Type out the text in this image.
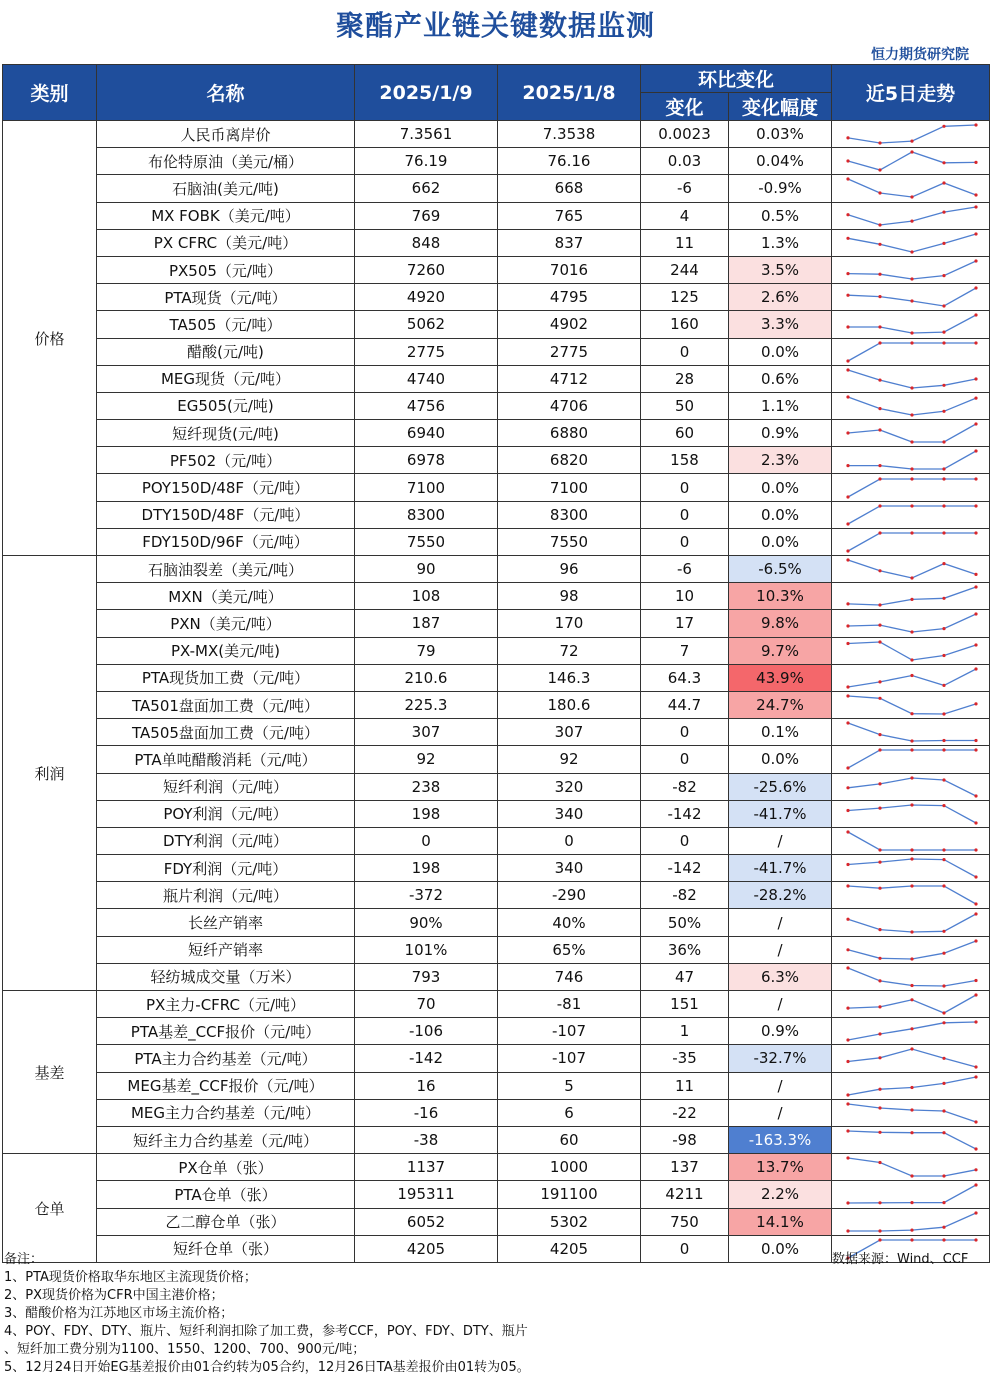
聚酯产业链关键数据监测
恒力期货研究院
类别	名称	2025/1/9	2025/1/8	环比变化		近5日走势
				变化	变化幅度	
价格	人民币离岸价	7.3561	7.3538	0.0023	0.03%	

	布伦特原油（美元/桶）	76.19	76.16	0.03	0.04%	

	石脑油(美元/吨)	662	668	-6	-0.9%	

	MX FOBK（美元/吨）	769	765	4	0.5%	

	PX CFRC（美元/吨）	848	837	11	1.3%	

	PX505（元/吨）	7260	7016	244	3.5%	

	PTA现货（元/吨）	4920	4795	125	2.6%	

	TA505（元/吨）	5062	4902	160	3.3%	

	醋酸(元/吨)	2775	2775	0	0.0%	

	MEG现货（元/吨）	4740	4712	28	0.6%	

	EG505(元/吨)	4756	4706	50	1.1%	

	短纤现货(元/吨)	6940	6880	60	0.9%	

	PF502（元/吨）	6978	6820	158	2.3%	

	POY150D/48F（元/吨）	7100	7100	0	0.0%	

	DTY150D/48F（元/吨）	8300	8300	0	0.0%	

	FDY150D/96F（元/吨）	7550	7550	0	0.0%	

利润	石脑油裂差（美元/吨）	90	96	-6	-6.5%	

	MXN（美元/吨）	108	98	10	10.3%	

	PXN（美元/吨）	187	170	17	9.8%	

	PX-MX(美元/吨)	79	72	7	9.7%	

	PTA现货加工费（元/吨）	210.6	146.3	64.3	43.9%	

	TA501盘面加工费（元/吨）	225.3	180.6	44.7	24.7%	

	TA505盘面加工费（元/吨）	307	307	0	0.1%	

	PTA单吨醋酸消耗（元/吨）	92	92	0	0.0%	

	短纤利润（元/吨）	238	320	-82	-25.6%	

	POY利润（元/吨）	198	340	-142	-41.7%	

	DTY利润（元/吨）	0	0	0	/	

	FDY利润（元/吨）	198	340	-142	-41.7%	

	瓶片利润（元/吨）	-372	-290	-82	-28.2%	

	长丝产销率	90%	40%	50%	/	

	短纤产销率	101%	65%	36%	/	

	轻纺城成交量（万米）	793	746	47	6.3%	

基差	PX主力-CFRC（元/吨）	70	-81	151	/	

	PTA基差_CCF报价（元/吨）	-106	-107	1	0.9%	

	PTA主力合约基差（元/吨）	-142	-107	-35	-32.7%	

	MEG基差_CCF报价（元/吨）	16	5	11	/	

	MEG主力合约基差（元/吨）	-16	6	-22	/	

	短纤主力合约基差（元/吨）	-38	60	-98	-163.3%	

仓单	PX仓单（张）	1137	1000	137	13.7%	

	PTA仓单（张）	195311	191100	4211	2.2%	

	乙二醇仓单（张）	6052	5302	750	14.1%	

	短纤仓单（张）	4205	4205	0	0.0%	
备注：
1、PTA现货价格取华东地区主流现货价格；
2、PX现货价格为CFR中国主港价格；
3、醋酸价格为江苏地区市场主流价格；
4、POY、FDY、DTY、瓶片、短纤利润扣除了加工费，参考CCF，POY、FDY、DTY、瓶片
、短纤加工费分别为1100、1550、1200、700、900元/吨；
5、12月24日开始EG基差报价由01合约转为05合约，12月26日TA基差报价由01转为05。
数据来源：Wind、CCF
